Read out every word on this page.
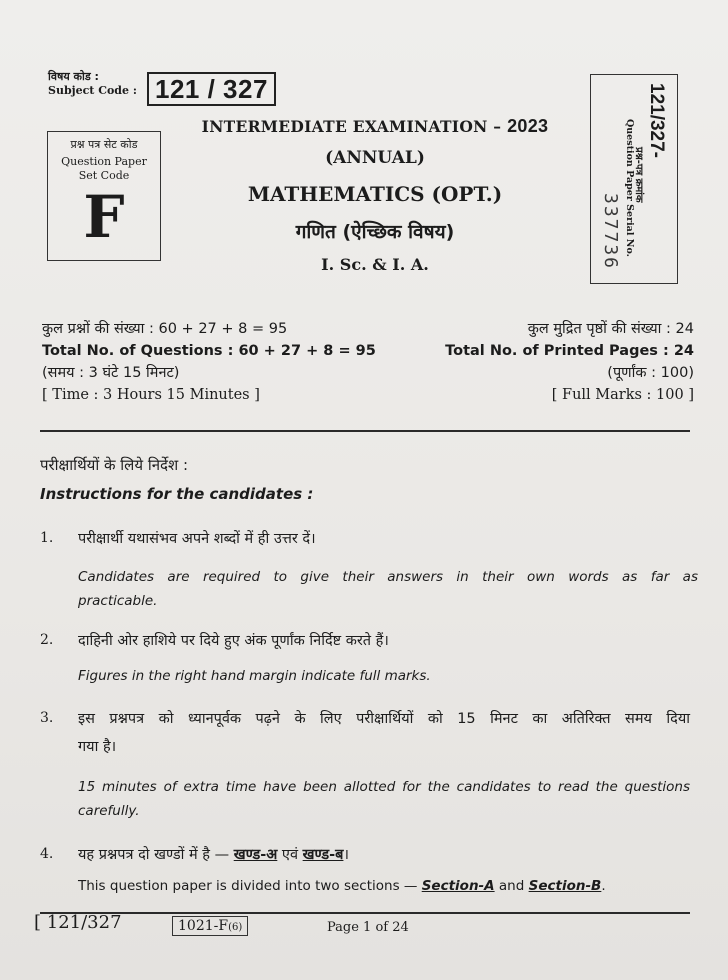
विषय कोड :
Subject Code : 121 / 327
प्रश्न पत्र सेट कोड
Question Paper
Set Code
F
121/327-
प्रश्न-पत्र क्रमांक
Question Paper Serial No.
337736
INTERMEDIATE EXAMINATION – 2023
(ANNUAL)
MATHEMATICS (OPT.)
गणित (ऐच्छिक विषय)
I. Sc. & I. A.
कुल प्रश्नों की संख्या : 60 + 27 + 8 = 95
Total No. of Questions : 60 + 27 + 8 = 95
(समय : 3 घंटे 15 मिनट)
[ Time : 3 Hours 15 Minutes ]
कुल मुद्रित पृष्ठों की संख्या : 24
Total No. of Printed Pages : 24
(पूर्णांक : 100)
[ Full Marks : 100 ]
परीक्षार्थियों के लिये निर्देश :
Instructions for the candidates :
1. परीक्षार्थी यथासंभव अपने शब्दों में ही उत्तर दें।
Candidates are required to give their answers in their own words as far as
practicable.
2. दाहिनी ओर हाशिये पर दिये हुए अंक पूर्णांक निर्दिष्ट करते हैं।
Figures in the right hand margin indicate full marks.
3. इस प्रश्नपत्र को ध्यानपूर्वक पढ़ने के लिए परीक्षार्थियों को 15 मिनट का अतिरिक्त समय दिया
गया है।
15 minutes of extra time have been allotted for the candidates to read the questions
carefully.
4. यह प्रश्नपत्र दो खण्डों में है — खण्ड-अ एवं खण्ड-ब।
This question paper is divided into two sections — Section-A and Section-B.
[ 121/327	1021-F(6)	Page 1 of 24
